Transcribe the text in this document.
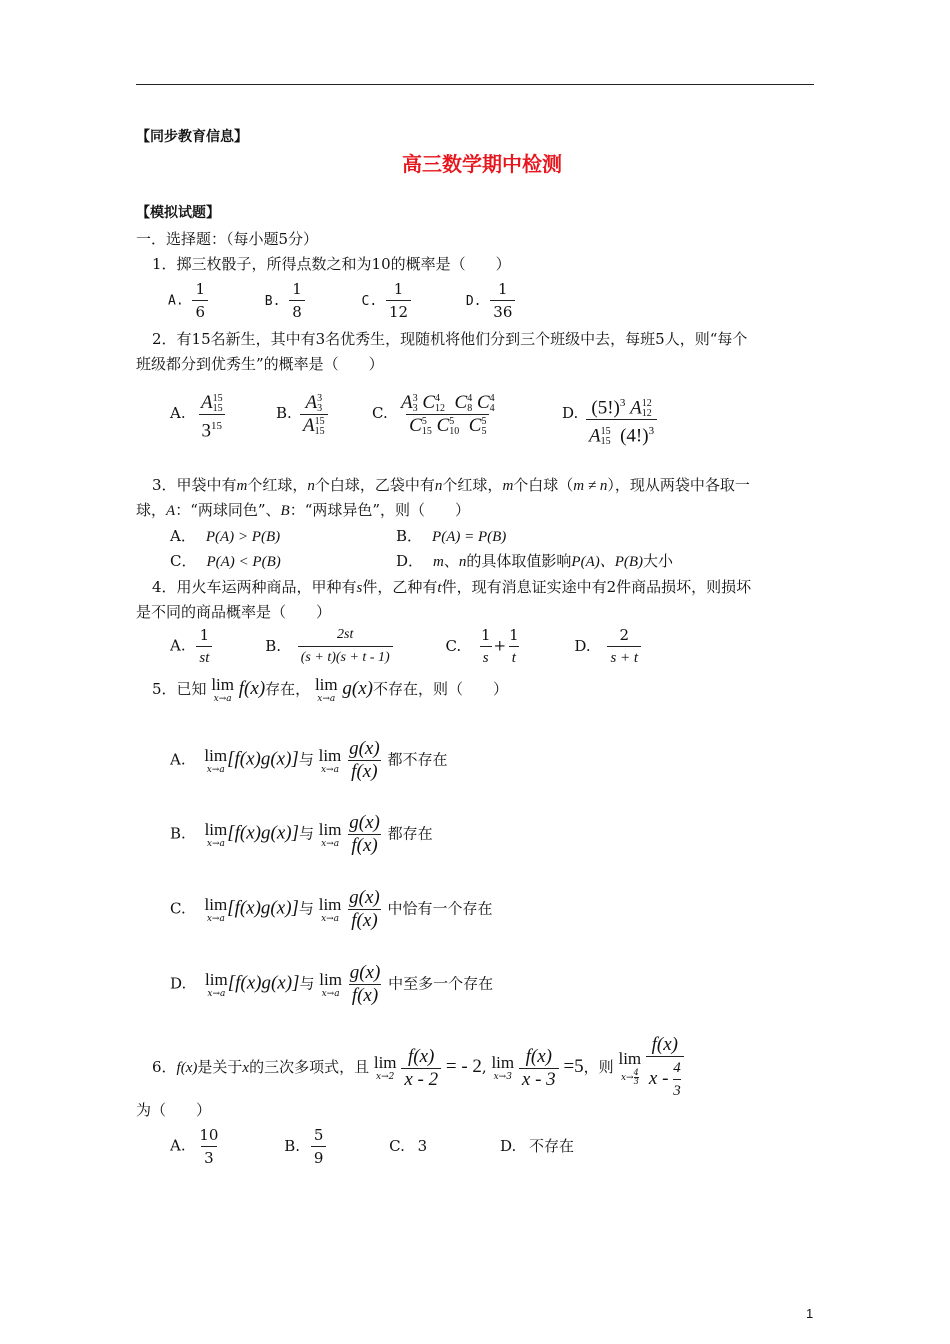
【同步教育信息】
高三数学期中检测
【模拟试题】
一．选择题：（每小题5分）
1．掷三枚骰子，所得点数之和为10的概率是（　　）
A. $\frac{1}{6}$	B. $\frac{1}{8}$	C. $\frac{1}{12}$	D. $\frac{1}{36}$
2．有15名新生，其中有3名优秀生，现随机将他们分到三个班级中去，每班5人，则“每个
班级都分到优秀生”的概率是（　　）
A. A 15
15
$3^{15}$	B. A 3
3
A 15
15	C. A 3
3 C 4
12 C 4
8 C 4
4
C 5
15 C 5
10 C 5
5	D. $(5!)^3$ A 12
12
A 15
15 $(4!)^3$
3．甲袋中有m个红球，n个白球，乙袋中有n个红球，m个白球（m ≠ n），现从两袋中各取一
球，A：“两球同色”、B：“两球异色”，则（　　）
A． P(A) > P(B)	B． P(A) = P(B)
C． P(A) < P(B)	D． m、n的具体取值影响P(A)、P(B)大小
4．用火车运两种商品，甲种有s件，乙种有t件，现有消息证实途中有2件商品损坏，则损坏
是不同的商品概率是（　　）
A. $\frac{1}{st}$	B. $\frac{2st}{(s + t)(s + t - 1)}$	C. $\frac{1}{s} + \frac{1}{t}$	D. $\frac{2}{s + t}$
5．已知 lim
x→a f(x)存在， lim
x→a g(x)不存在，则（　　）
A. lim
x→a [f(x)g(x)]与 lim
x→a
$\frac{g(x)}{f(x)}$ 都不存在
B. lim
x→a [f(x)g(x)]与 lim
x→a
$\frac{g(x)}{f(x)}$ 都存在
C. lim
x→a [f(x)g(x)]与 lim
x→a
$\frac{g(x)}{f(x)}$ 中恰有一个存在
D. lim
x→a [f(x)g(x)]与 lim
x→a
$\frac{g(x)}{f(x)}$ 中至多一个存在
6．f(x)是关于x的三次多项式，且 lim
x→2
$\frac{f(x)}{x - 2}$ = - 2, lim
x→3
$\frac{f(x)}{x - 3} =5$，则 lim
$x\to \frac{4}{3}$
$\frac{f(x)}{x - \frac{4}{3}}$
为（　　）
A. $\frac{10}{3}$	B. $\frac{5}{9}$	C. 3	D. 不存在
1
